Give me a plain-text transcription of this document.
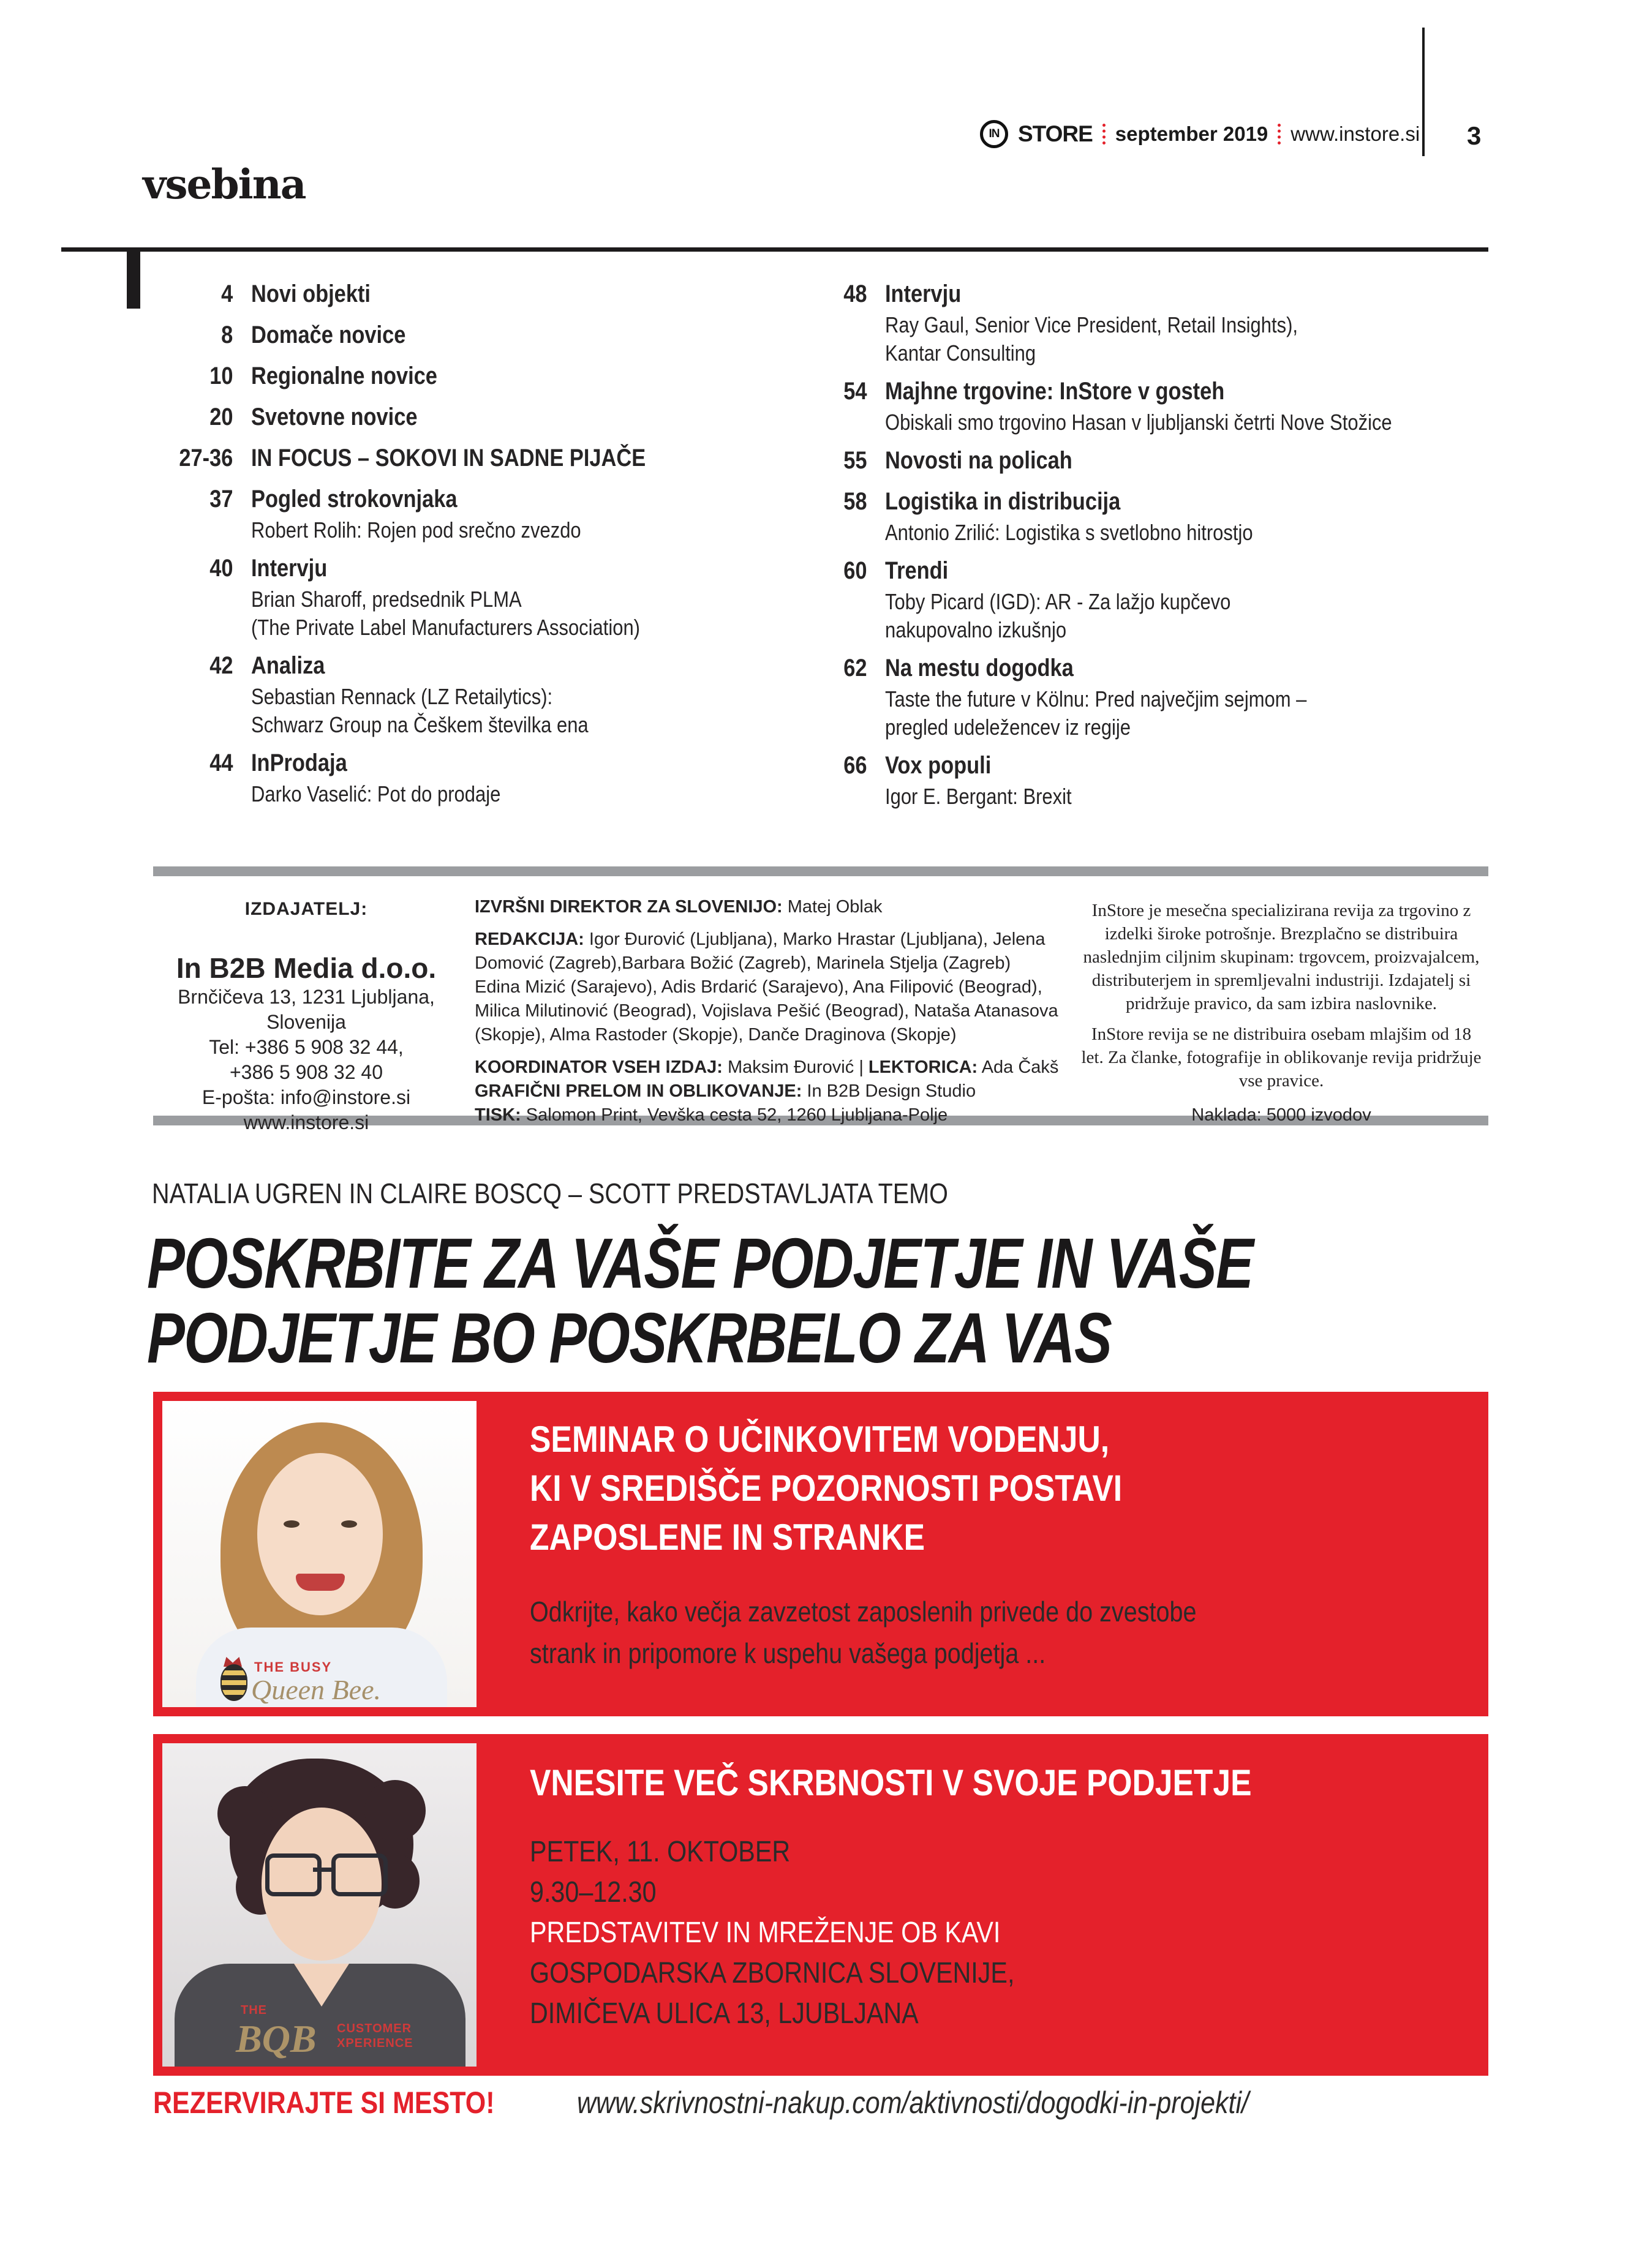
IN STORE september 2019 www.instore.si 3
vsebina
4 Novi objekti
8 Domače novice
10 Regionalne novice
20 Svetovne novice
27-36 IN FOCUS – SOKOVI IN SADNE PIJAČE
37 Pogled strokovnjaka
Robert Rolih: Rojen pod srečno zvezdo
40 Intervju
Brian Sharoff, predsednik PLMA
(The Private Label Manufacturers Association)
42 Analiza
Sebastian Rennack (LZ Retailytics):
Schwarz Group na Češkem številka ena
44 InProdaja
Darko Vaselić: Pot do prodaje
48 Intervju
Ray Gaul, Senior Vice President, Retail Insights),
Kantar Consulting
54 Majhne trgovine: InStore v gosteh
Obiskali smo trgovino Hasan v ljubljanski četrti Nove Stožice
55 Novosti na policah
58 Logistika in distribucija
Antonio Zrilić: Logistika s svetlobno hitrostjo
60 Trendi
Toby Picard (IGD): AR - Za lažjo kupčevo
nakupovalno izkušnjo
62 Na mestu dogodka
Taste the future v Kölnu: Pred največjim sejmom –
pregled udeležencev iz regije
66 Vox populi
Igor E. Bergant: Brexit
IZDAJATELJ:
In B2B Media d.o.o.
Brnčičeva 13, 1231 Ljubljana,
Slovenija
Tel: +386 5 908 32 44,
+386 5 908 32 40
E-pošta: info@instore.si
www.instore.si

IZVRŠNI DIREKTOR ZA SLOVENIJO: Matej Oblak

REDAKCIJA: Igor Đurović (Ljubljana), Marko Hrastar (Ljubljana), Jelena Domović (Zagreb),Barbara Božić (Zagreb), Marinela Stjelja (Zagreb) Edina Mizić (Sarajevo), Adis Brdarić (Sarajevo), Ana Filipović (Beograd), Milica Milutinović (Beograd), Vojislava Pešić (Beograd), Nataša Atanasova (Skopje), Alma Rastoder (Skopje), Danče Draginova (Skopje)

KOORDINATOR VSEH IZDAJ: Maksim Đurović | LEKTORICA: Ada Čakš

GRAFIČNI PRELOM IN OBLIKOVANJE: In B2B Design Studio

TISK: Salomon Print, Vevška cesta 52, 1260 Ljubljana-Polje

InStore je mesečna specializirana revija za trgovino z izdelki široke potrošnje. Brezplačno se distribuira naslednjim ciljnim skupinam: trgovcem, proizvajalcem, distributerjem in spremljevalni industriji. Izdajatelj si pridržuje pravico, da sam izbira naslovnike.

InStore revija se ne distribuira osebam mlajšim od 18 let. Za članke, fotografije in oblikovanje revija pridržuje vse pravice.

Naklada: 5000 izvodov
NATALIA UGREN IN CLAIRE BOSCQ – SCOTT PREDSTAVLJATA TEMO
POSKRBITE ZA VAŠE PODJETJE IN VAŠE
PODJETJE BO POSKRBELO ZA VAS
THE BUSY
Queen Bee.
SEMINAR O UČINKOVITEM VODENJU,
KI V SREDIŠČE POZORNOSTI POSTAVI
ZAPOSLENE IN STRANKE
Odkrijte, kako večja zavzetost zaposlenih privede do zvestobe
strank in pripomore k uspehu vašega podjetja ...
THE
BQB CUSTOMER
XPERIENCE
VNESITE VEČ SKRBNOSTI V SVOJE PODJETJE
PETEK, 11. OKTOBER
9.30–12.30
PREDSTAVITEV IN MREŽENJE OB KAVI
GOSPODARSKA ZBORNICA SLOVENIJE,
DIMIČEVA ULICA 13, LJUBLJANA
REZERVIRAJTE SI MESTO!	www.skrivnostni-nakup.com/aktivnosti/dogodki-in-projekti/
